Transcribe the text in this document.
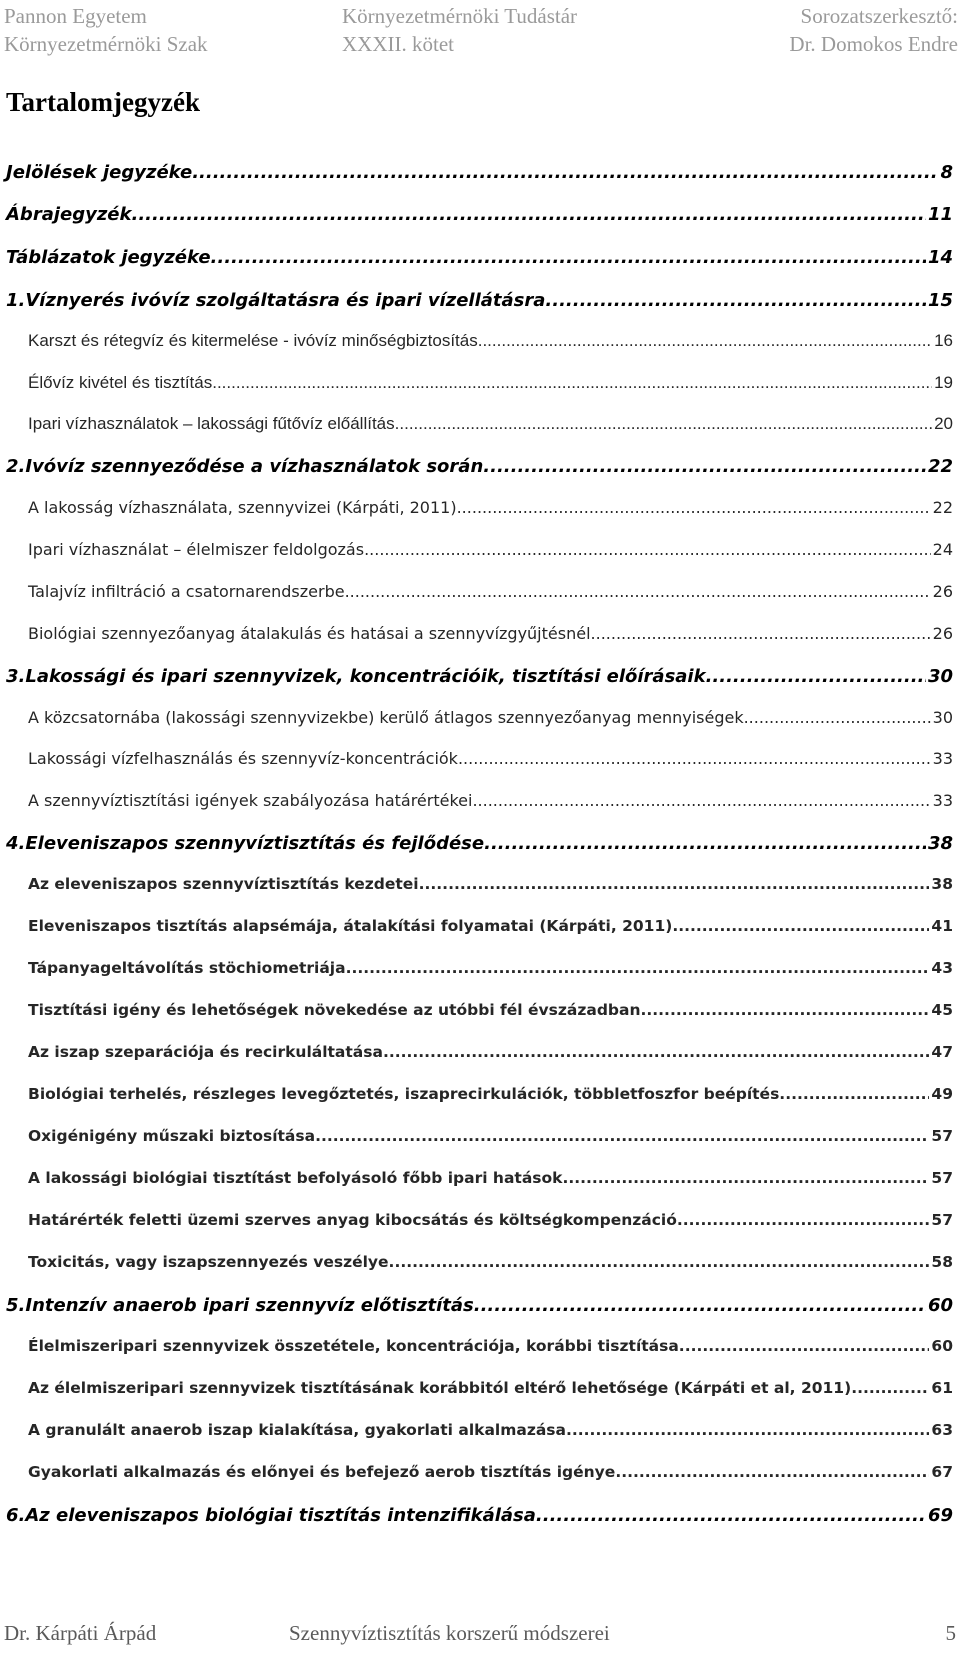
Pannon Egyetem
Környezetmérnöki Szak
Környezetmérnöki Tudástár
XXXII. kötet
Sorozatszerkesztő:
Dr. Domokos Endre
Tartalomjegyzék
Jelölések jegyzéke .....	8
Ábrajegyzék .....	11
Táblázatok jegyzéke .....	14
1. Víznyerés ivóvíz szolgáltatásra és ipari vízellátásra. .....	15
Karszt és rétegvíz és kitermelése - ivóvíz minőségbiztosítás. .....	16
Élővíz kivétel és tisztítás. .....	19
Ipari vízhasználatok – lakossági fűtővíz előállítás. .....	20
2. Ivóvíz szennyeződése a vízhasználatok során. .....	22
A lakosság vízhasználata, szennyvizei (Kárpáti, 2011) .....	22
Ipari vízhasználat – élelmiszer feldolgozás. .....	24
Talajvíz infiltráció a csatornarendszerbe .....	26
Biológiai szennyezőanyag átalakulás és hatásai a szennyvízgyűjtésnél .....	26
3. Lakossági és ipari szennyvizek, koncentrációik, tisztítási előírásaik .....	30
A közcsatornába (lakossági szennyvizekbe) kerülő átlagos szennyezőanyag mennyiségek .....	30
Lakossági vízfelhasználás és szennyvíz-koncentrációk .....	33
A szennyvíztisztítási igények szabályozása határértékei .....	33
4. Eleveniszapos szennyvíztisztítás és fejlődése .....	38
Az eleveniszapos szennyvíztisztítás kezdetei .....	38
Eleveniszapos tisztítás alapsémája, átalakítási folyamatai (Kárpáti, 2011) .....	41
Tápanyageltávolítás stöchiometriája. .....	43
Tisztítási igény és lehetőségek növekedése az utóbbi fél évszázadban .....	45
Az iszap szeparációja és recirkuláltatása. .....	47
Biológiai terhelés, részleges levegőztetés, iszaprecirkulációk, többletfoszfor beépítés. .....	49
Oxigénigény műszaki biztosítása .....	57
A lakossági biológiai tisztítást befolyásoló főbb ipari hatások .....	57
Határérték feletti üzemi szerves anyag kibocsátás és költségkompenzáció. .....	57
Toxicitás, vagy iszapszennyezés veszélye. .....	58
5. Intenzív anaerob ipari szennyvíz előtisztítás. .....	60
Élelmiszeripari szennyvizek összetétele, koncentrációja, korábbi tisztítása. .....	60
Az élelmiszeripari szennyvizek tisztításának korábbitól eltérő lehetősége (Kárpáti et al, 2011) .....	61
A granulált anaerob iszap kialakítása, gyakorlati alkalmazása. .....	63
Gyakorlati alkalmazás és előnyei és befejező aerob tisztítás igénye .....	67
6. Az eleveniszapos biológiai tisztítás intenzifikálása .....	69
Dr. Kárpáti Árpád	Szennyvíztisztítás korszerű módszerei	5
